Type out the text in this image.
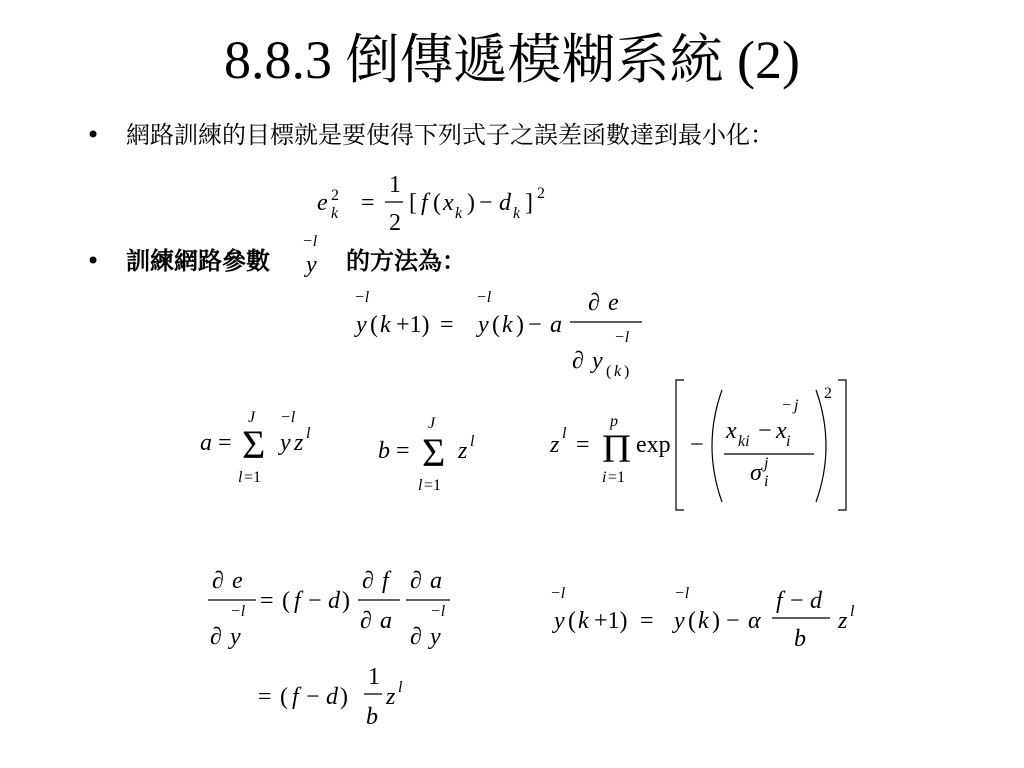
8.8.3 倒傳遞模糊系統 (2)
• 網路訓練的目標就是要使得下列式子之誤差函數達到最小化：
e 2
k =
1
2
[ f ( x k ) − d k ] 2
• 訓練網路參數
−l
y 的方法為：
−l
y ( k +1) =
−l
y ( k ) − a
∂ e
−l
∂ y ( k )
a =
J
Σ
l =1
−l
y z l
b =
J
Σ
l =1
z l	z l =
p
Π
i =1
exp −
x ki − x i
− j
σ j
i
2
∂ e
−l
∂ y
= ( f − d )
∂ f
∂ a
∂ a
−l
∂ y
= ( f − d )
1
b
z l
−l
y ( k +1) =
−l
y ( k ) − α
f − d
b
z l
